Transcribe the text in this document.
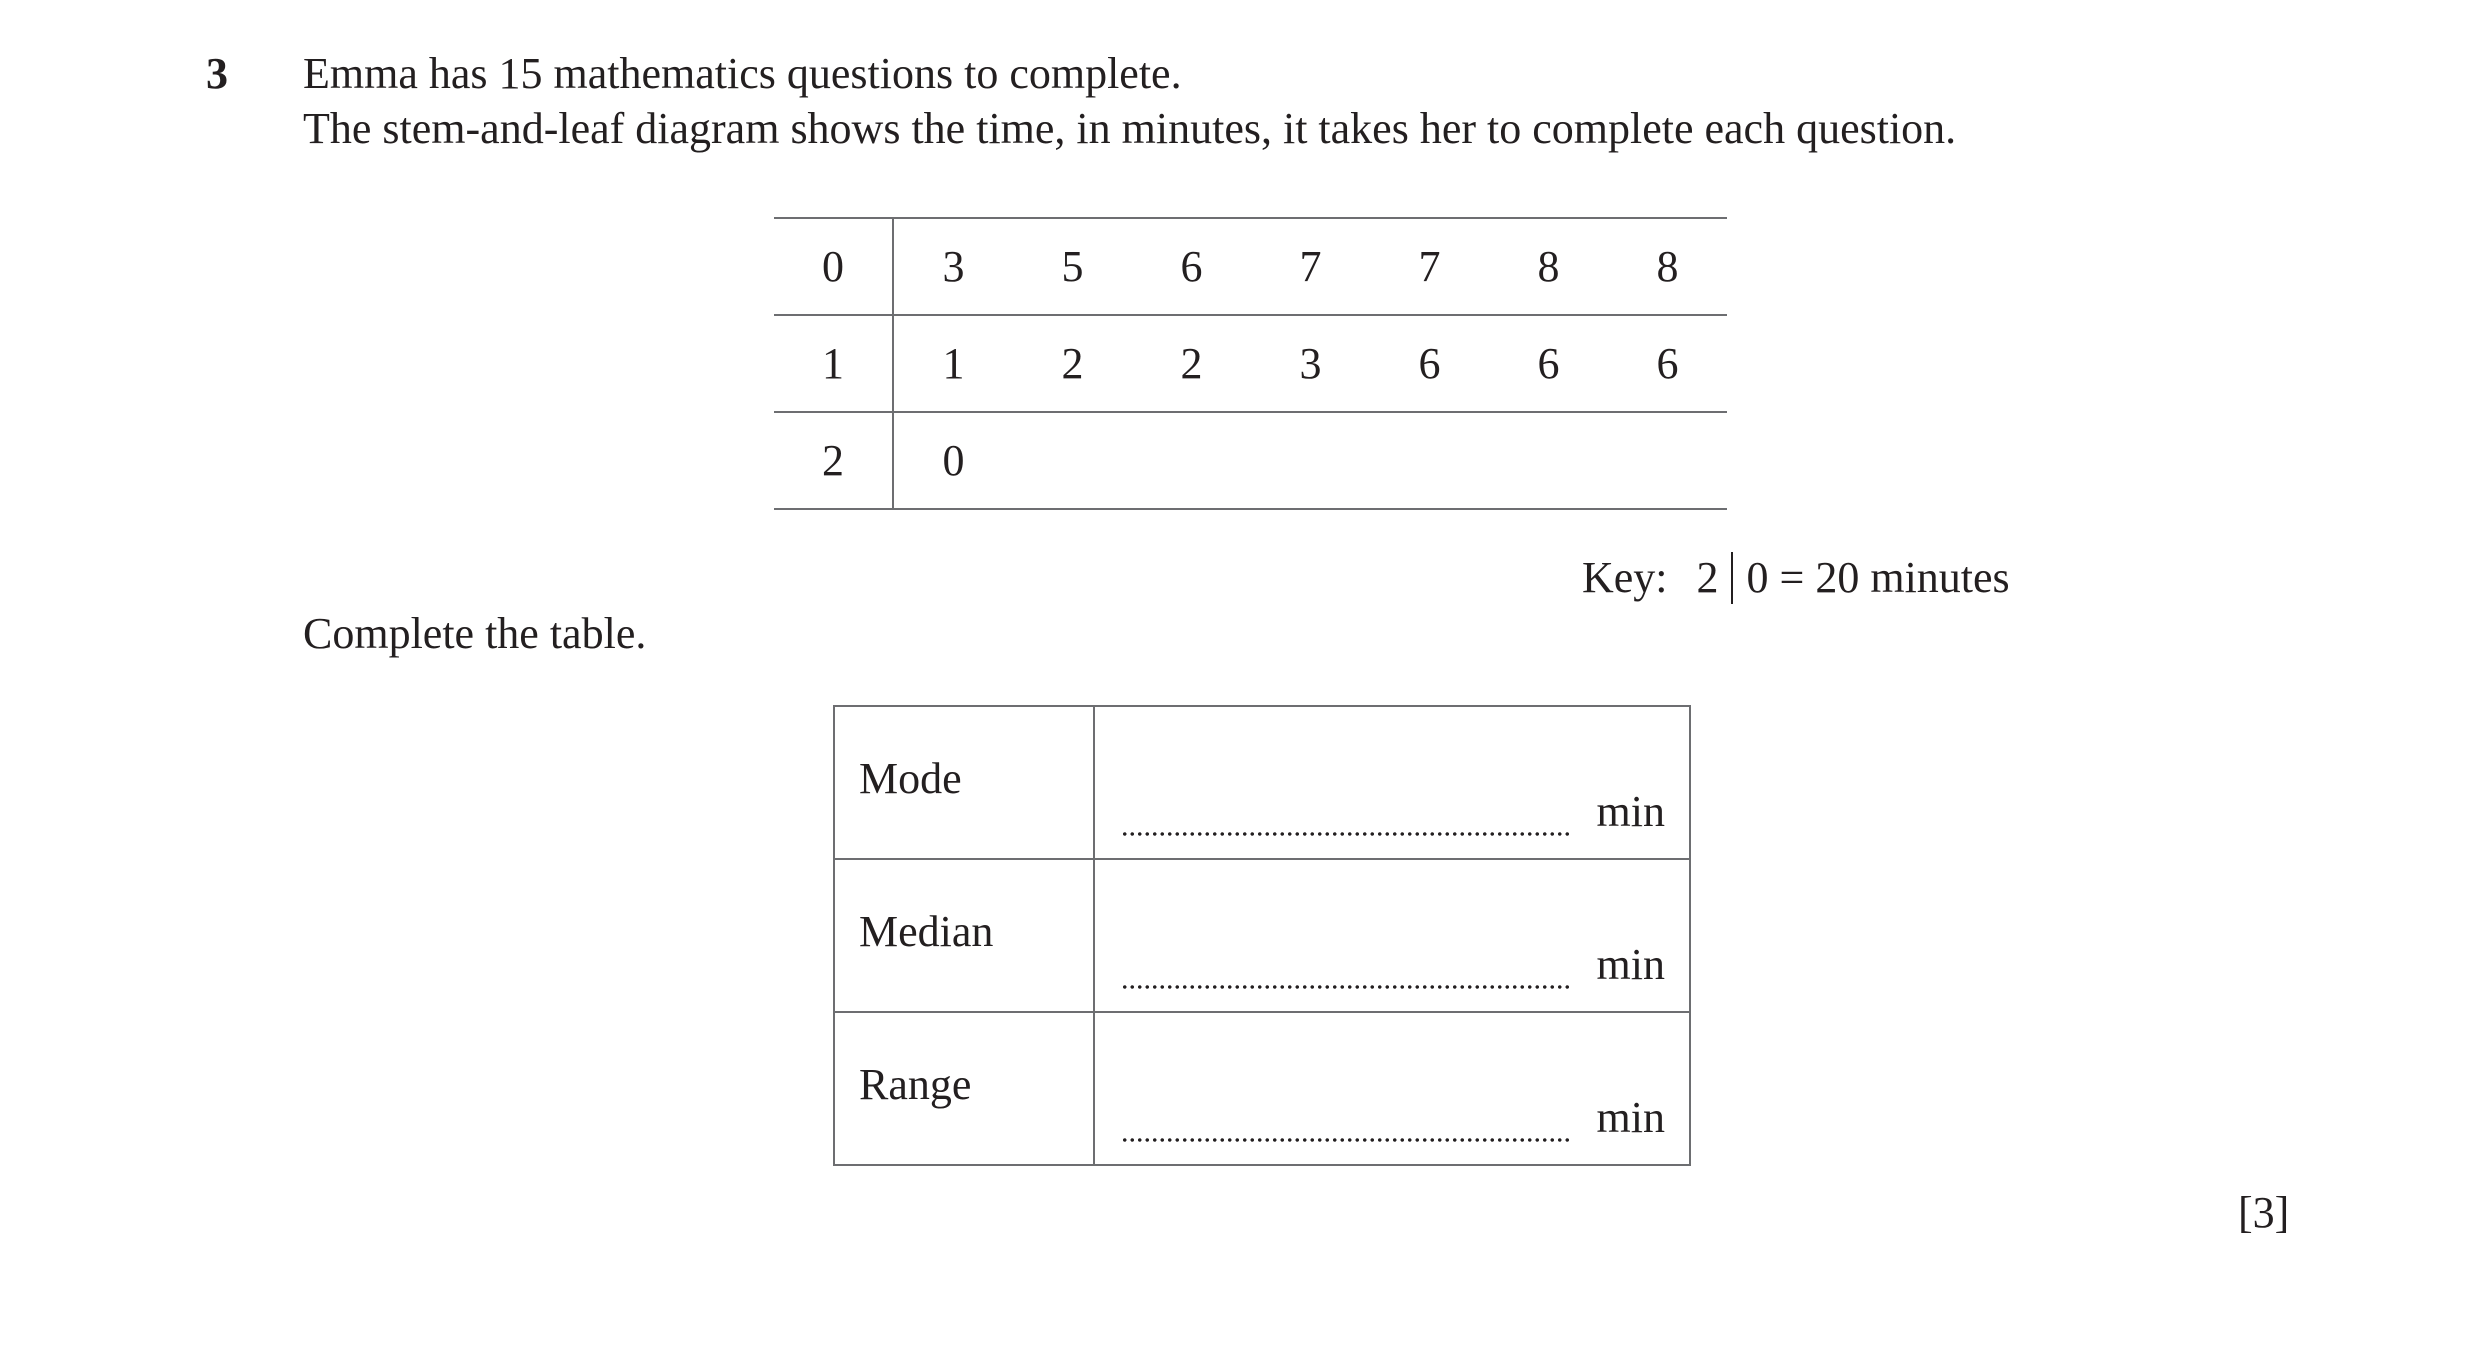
3 Emma has 15 mathematics questions to complete.
The stem-and-leaf diagram shows the time, in minutes, it takes her to complete each question.
0	3	5	6	7	7	8	8
1	1	2	2	3	6	6	6
2	0						
Key: 2 0 = 20 minutes
Complete the table.
Mode	min

Median	min

Range	min
[3]
